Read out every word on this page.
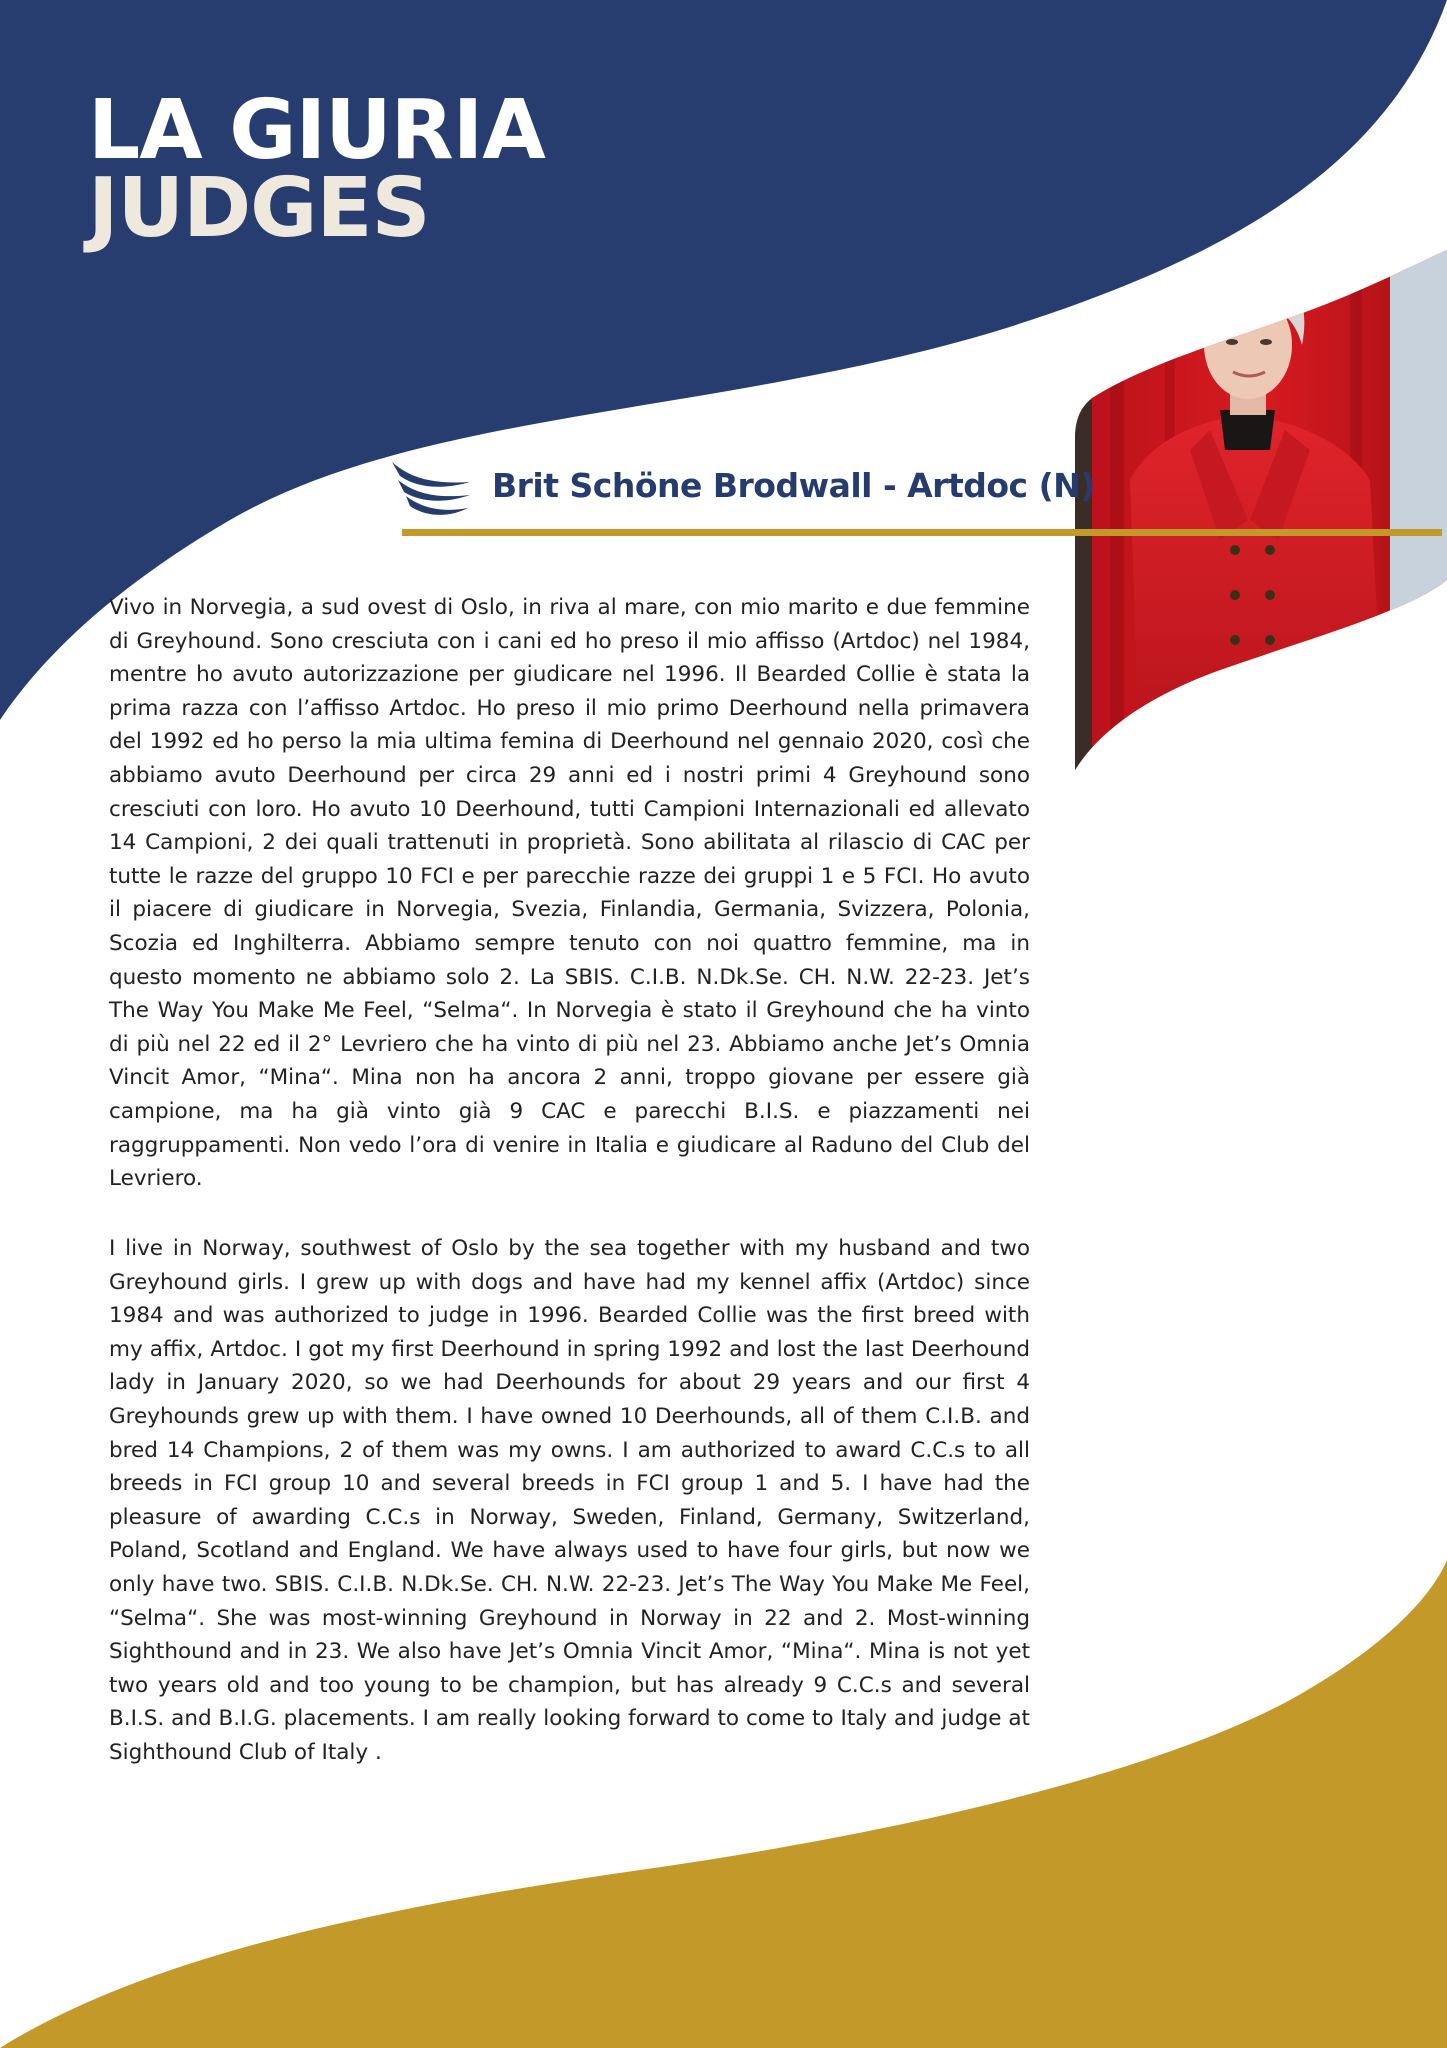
LA GIURIA
JUDGES
Brit Schöne Brodwall - Artdoc (N)

Vivo in Norvegia, a sud ovest di Oslo, in riva al mare, con mio marito e due femmine di Greyhound. Sono cresciuta con i cani ed ho preso il mio affisso (Artdoc) nel 1984, mentre ho avuto autorizzazione per giudicare nel 1996. Il Bearded Collie è stata la prima razza con l’affisso Artdoc. Ho preso il mio primo Deerhound nella primavera del 1992 ed ho perso la mia ultima femina di Deerhound nel gennaio 2020, così che abbiamo avuto Deerhound per circa 29 anni ed i nostri primi 4 Greyhound sono cresciuti con loro. Ho avuto 10 Deerhound, tutti Campioni Internazionali ed allevato 14 Campioni, 2 dei quali trattenuti in proprietà. Sono abilitata al rilascio di CAC per tutte le razze del gruppo 10 FCI e per parecchie razze dei gruppi 1 e 5 FCI. Ho avuto il piacere di giudicare in Norvegia, Svezia, Finlandia, Germania, Svizzera, Polonia, Scozia ed Inghilterra. Abbiamo sempre tenuto con noi quattro femmine, ma in questo momento ne abbiamo solo 2. La SBIS. C.I.B. N.Dk.Se. CH. N.W. 22-23. Jet’s The Way You Make Me Feel, “Selma“. In Norvegia è stato il Greyhound che ha vinto di più nel 22 ed il 2° Levriero che ha vinto di più nel 23. Abbiamo anche Jet’s Omnia Vincit Amor, “Mina“. Mina non ha ancora 2 anni, troppo giovane per essere già campione, ma ha già vinto già 9 CAC e parecchi B.I.S. e piazzamenti nei raggruppamenti. Non vedo l’ora di venire in Italia e giudicare al Raduno del Club del Levriero.

I live in Norway, southwest of Oslo by the sea together with my husband and two Greyhound girls. I grew up with dogs and have had my kennel affix (Artdoc) since 1984 and was authorized to judge in 1996. Bearded Collie was the first breed with my affix, Artdoc. I got my first Deerhound in spring 1992 and lost the last Deerhound lady in January 2020, so we had Deerhounds for about 29 years and our first 4 Greyhounds grew up with them. I have owned 10 Deerhounds, all of them C.I.B. and bred 14 Champions, 2 of them was my owns. I am authorized to award C.C.s to all breeds in FCI group 10 and several breeds in FCI group 1 and 5. I have had the pleasure of awarding C.C.s in Norway, Sweden, Finland, Germany, Switzerland, Poland, Scotland and England. We have always used to have four girls, but now we only have two. SBIS. C.I.B. N.Dk.Se. CH. N.W. 22-23. Jet’s The Way You Make Me Feel, “Selma“. She was most-winning Greyhound in Norway in 22 and 2. Most-winning Sighthound and in 23. We also have Jet’s Omnia Vincit Amor, “Mina“. Mina is not yet two years old and too young to be champion, but has already 9 C.C.s and several B.I.S. and B.I.G. placements. I am really looking forward to come to Italy and judge at Sighthound Club of Italy .
